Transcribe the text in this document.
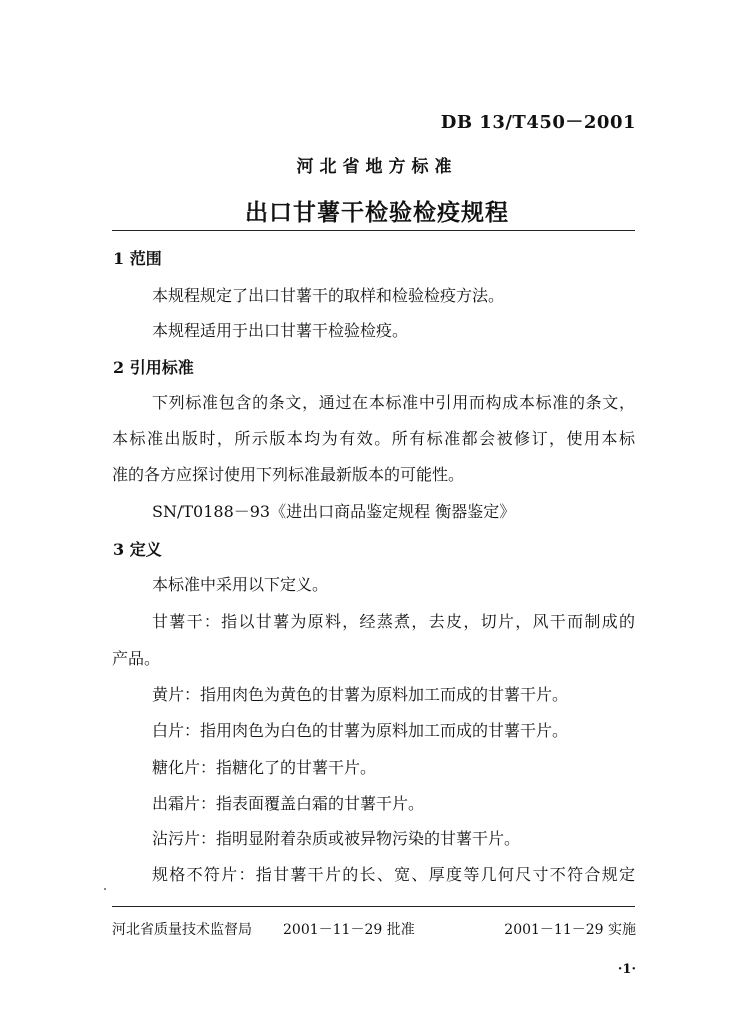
DB 13/T450－2001
河北省地方标准
出口甘薯干检验检疫规程
1 范围
本规程规定了出口甘薯干的取样和检验检疫方法。
本规程适用于出口甘薯干检验检疫。
2 引用标准
下列标准包含的条文，通过在本标准中引用而构成本标准的条文，
本标准出版时，所示版本均为有效。所有标准都会被修订，使用本标
准的各方应探讨使用下列标准最新版本的可能性。
SN/T0188－93《进出口商品鉴定规程 衡器鉴定》
3 定义
本标准中采用以下定义。
甘薯干：指以甘薯为原料，经蒸煮，去皮，切片，风干而制成的
产品。
黄片：指用肉色为黄色的甘薯为原料加工而成的甘薯干片。
白片：指用肉色为白色的甘薯为原料加工而成的甘薯干片。
糖化片：指糖化了的甘薯干片。
出霜片：指表面覆盖白霜的甘薯干片。
沾污片：指明显附着杂质或被异物污染的甘薯干片。
规格不符片：指甘薯干片的长、宽、厚度等几何尺寸不符合规定
河北省质量技术监督局 2001－11－29 批准	2001－11－29 实施
·1·
